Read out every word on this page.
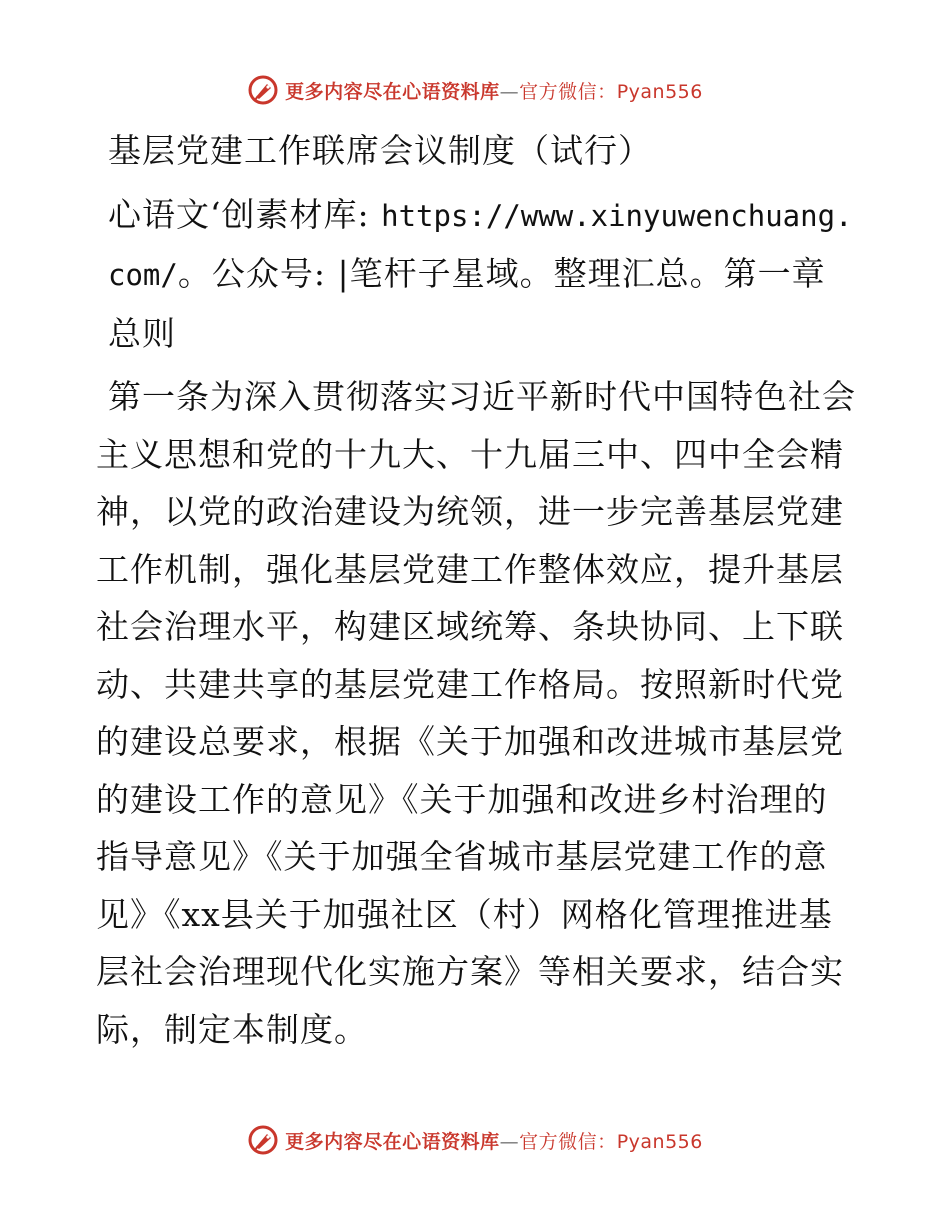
更多内容尽在心语资料库—官方微信：Pyan556

基层党建工作联席会议制度（试行）

心语文ʻ创素材库: https://www.xinyuwenchuang.com/。公众号: |笔杆子星域。整理汇总。第一章总则

第一条为深入贯彻落实习近平新时代中国特色社会主义思想和党的十九大、十九届三中、四中全会精神，以党的政治建设为统领，进一步完善基层党建工作机制，强化基层党建工作整体效应，提升基层社会治理水平，构建区域统筹、条块协同、上下联动、共建共享的基层党建工作格局。按照新时代党的建设总要求，根据《关于加强和改进城市基层党的建设工作的意见》《关于加强和改进乡村治理的指导意见》《关于加强全省城市基层党建工作的意见》《xx县关于加强社区（村）网格化管理推进基层社会治理现代化实施方案》等相关要求，结合实际，制定本制度。

更多内容尽在心语资料库—官方微信：Pyan556
